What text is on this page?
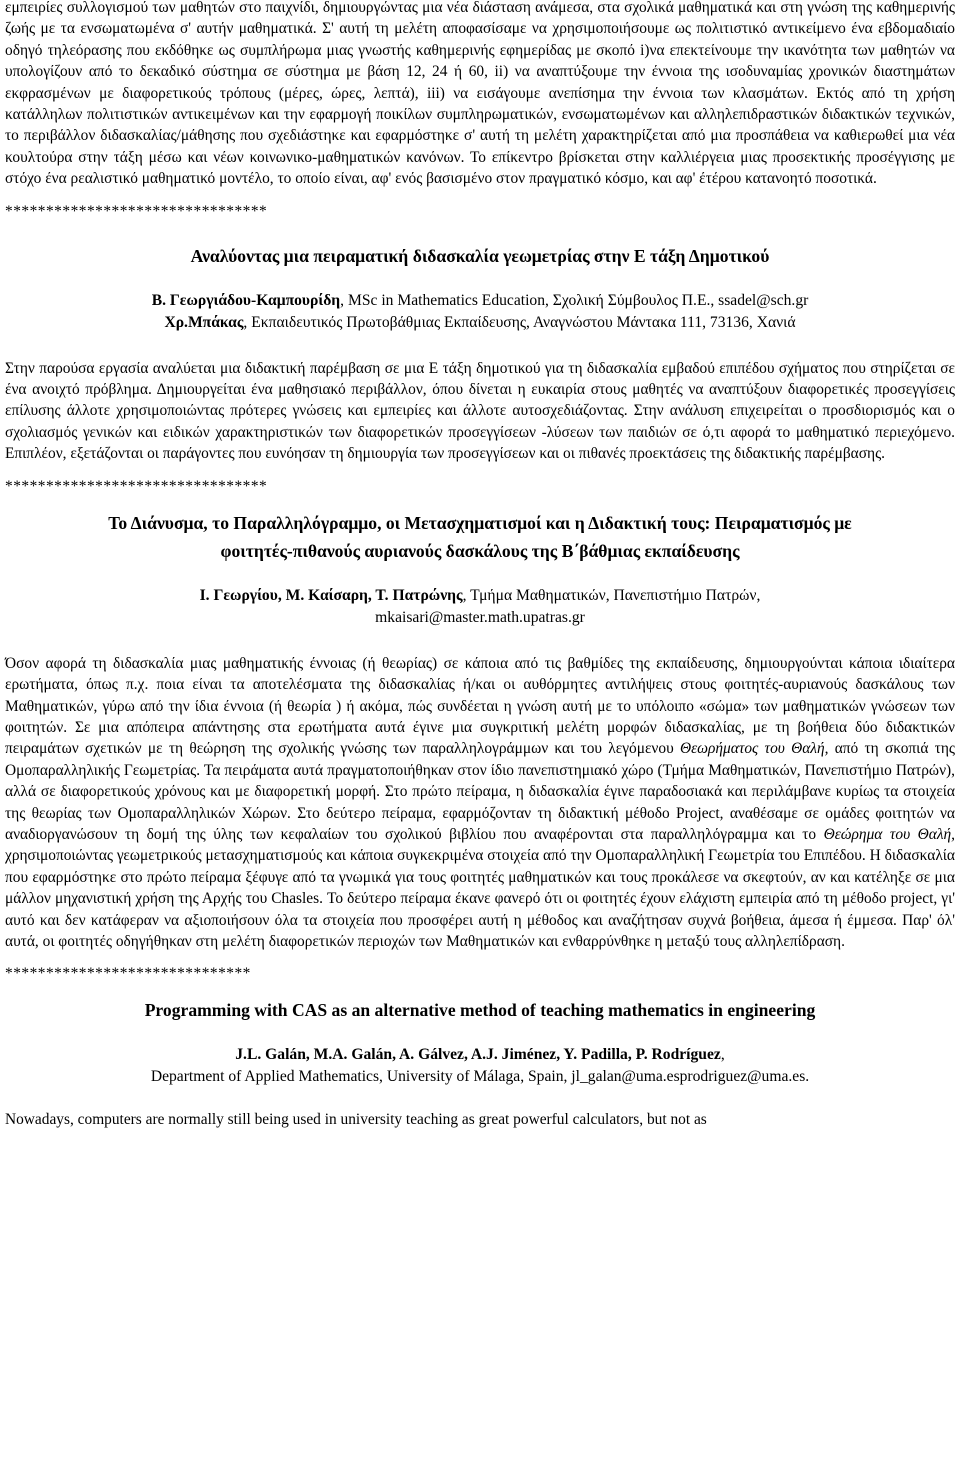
εμπειρίες συλλογισμού των μαθητών στο παιχνίδι, δημιουργώντας μια νέα διάσταση ανάμεσα, στα σχολικά μαθηματικά και στη γνώση της καθημερινής ζωής με τα ενσωματωμένα σ' αυτήν μαθηματικά. Σ' αυτή τη μελέτη αποφασίσαμε να χρησιμοποιήσουμε ως πολιτιστικό αντικείμενο ένα εβδομαδιαίο οδηγό τηλεόρασης που εκδόθηκε ως συμπλήρωμα μιας γνωστής καθημερινής εφημερίδας με σκοπό i)να επεκτείνουμε την ικανότητα των μαθητών να υπολογίζουν από το δεκαδικό σύστημα σε σύστημα με βάση 12, 24 ή 60, ii) να αναπτύξουμε την έννοια της ισοδυναμίας χρονικών διαστημάτων εκφρασμένων με διαφορετικούς τρόπους (μέρες, ώρες, λεπτά), iii) να εισάγουμε ανεπίσημα την έννοια των κλασμάτων. Εκτός από τη χρήση κατάλληλων πολιτιστικών αντικειμένων και την εφαρμογή ποικίλων συμπληρωματικών, ενσωματωμένων και αλληλεπιδραστικών διδακτικών τεχνικών, το περιβάλλον διδασκαλίας/μάθησης που σχεδιάστηκε και εφαρμόστηκε σ' αυτή τη μελέτη χαρακτηρίζεται από μια προσπάθεια να καθιερωθεί μια νέα κουλτούρα στην τάξη μέσω και νέων κοινωνικο-μαθηματικών κανόνων. Το επίκεντρο βρίσκεται στην καλλιέργεια μιας προσεκτικής προσέγγισης με στόχο ένα ρεαλιστικό μαθηματικό μοντέλο, το οποίο είναι, αφ' ενός βασισμένο στον πραγματικό κόσμο, και αφ' έτέρου κατανοητό ποσοτικά.

********************************
Αναλύοντας μια πειραματική διδασκαλία γεωμετρίας στην Ε τάξη Δημοτικού
Β. Γεωργιάδου-Καμπουρίδη, MSc in Mathematics Education, Σχολική Σύμβουλος Π.Ε., ssadel@sch.gr
Χρ.Μπάκας, Εκπαιδευτικός Πρωτοβάθμιας Εκπαίδευσης, Αναγνώστου Μάντακα 111, 73136, Χανιά

Στην παρούσα εργασία αναλύεται μια διδακτική παρέμβαση σε μια Ε τάξη δημοτικού για τη διδασκαλία εμβαδού επιπέδου σχήματος που στηρίζεται σε ένα ανοιχτό πρόβλημα. Δημιουργείται ένα μαθησιακό περιβάλλον, όπου δίνεται η ευκαιρία στους μαθητές να αναπτύξουν διαφορετικές προσεγγίσεις επίλυσης άλλοτε χρησιμοποιώντας πρότερες γνώσεις και εμπειρίες και άλλοτε αυτοσχεδιάζοντας. Στην ανάλυση επιχειρείται ο προσδιορισμός και ο σχολιασμός γενικών και ειδικών χαρακτηριστικών των διαφορετικών προσεγγίσεων -λύσεων των παιδιών σε ό,τι αφορά το μαθηματικό περιεχόμενο. Επιπλέον, εξετάζονται οι παράγοντες που ευνόησαν τη δημιουργία των προσεγγίσεων και οι πιθανές προεκτάσεις της διδακτικής παρέμβασης.

********************************
Το Διάνυσμα, το Παραλληλόγραμμο, οι Μετασχηματισμοί και η Διδακτική τους: Πειραματισμός με
φοιτητές-πιθανούς αυριανούς δασκάλους της Β΄βάθμιας εκπαίδευσης
Ι. Γεωργίου, Μ. Καίσαρη, Τ. Πατρώνης, Τμήμα Μαθηματικών, Πανεπιστήμιο Πατρών,
mkaisari@master.math.upatras.gr

Όσον αφορά τη διδασκαλία μιας μαθηματικής έννοιας (ή θεωρίας) σε κάποια από τις βαθμίδες της εκπαίδευσης, δημιουργούνται κάποια ιδιαίτερα ερωτήματα, όπως π.χ. ποια είναι τα αποτελέσματα της διδασκαλίας ή/και οι αυθόρμητες αντιλήψεις στους φοιτητές-αυριανούς δασκάλους των Μαθηματικών, γύρω από την ίδια έννοια (ή θεωρία ) ή ακόμα, πώς συνδέεται η γνώση αυτή με το υπόλοιπο «σώμα» των μαθηματικών γνώσεων των φοιτητών. Σε μια απόπειρα απάντησης στα ερωτήματα αυτά έγινε μια συγκριτική μελέτη μορφών διδασκαλίας, με τη βοήθεια δύο διδακτικών πειραμάτων σχετικών με τη θεώρηση της σχολικής γνώσης των παραλληλογράμμων και του λεγόμενου Θεωρήματος του Θαλή, από τη σκοπιά της Ομοπαραλληλικής Γεωμετρίας. Τα πειράματα αυτά πραγματοποιήθηκαν στον ίδιο πανεπιστημιακό χώρο (Τμήμα Μαθηματικών, Πανεπιστήμιο Πατρών), αλλά σε διαφορετικούς χρόνους και με διαφορετική μορφή. Στο πρώτο πείραμα, η διδασκαλία έγινε παραδοσιακά και περιλάμβανε κυρίως τα στοιχεία της θεωρίας των Ομοπαραλληλικών Χώρων. Στο δεύτερο πείραμα, εφαρμόζονταν τη διδακτική μέθοδο Project, αναθέσαμε σε ομάδες φοιτητών να αναδιοργανώσουν τη δομή της ύλης των κεφαλαίων του σχολικού βιβλίου που αναφέρονται στα παραλληλόγραμμα και το Θεώρημα του Θαλή, χρησιμοποιώντας γεωμετρικούς μετασχηματισμούς και κάποια συγκεκριμένα στοιχεία από την Ομοπαραλληλική Γεωμετρία του Επιπέδου. Η διδασκαλία που εφαρμόστηκε στο πρώτο πείραμα ξέφυγε από τα γνωμικά για τους φοιτητές μαθηματικών και τους προκάλεσε να σκεφτούν, αν και κατέληξε σε μια μάλλον μηχανιστική χρήση της Αρχής του Chasles. Το δεύτερο πείραμα έκανε φανερό ότι οι φοιτητές έχουν ελάχιστη εμπειρία από τη μέθοδο project, γι' αυτό και δεν κατάφεραν να αξιοποιήσουν όλα τα στοιχεία που προσφέρει αυτή η μέθοδος και αναζήτησαν συχνά βοήθεια, άμεσα ή έμμεσα. Παρ' όλ' αυτά, οι φοιτητές οδηγήθηκαν στη μελέτη διαφορετικών περιοχών των Μαθηματικών και ενθαρρύνθηκε η μεταξύ τους αλληλεπίδραση.

******************************
Programming with CAS as an alternative method of teaching mathematics in engineering
J.L. Galán, M.A. Galán, A. Gálvez, A.J. Jiménez, Y. Padilla, P. Rodríguez,
Department of Applied Mathematics, University of Málaga, Spain, jl_galan@uma.esprodriguez@uma.es.

Nowadays, computers are normally still being used in university teaching as great powerful calculators, but not as
